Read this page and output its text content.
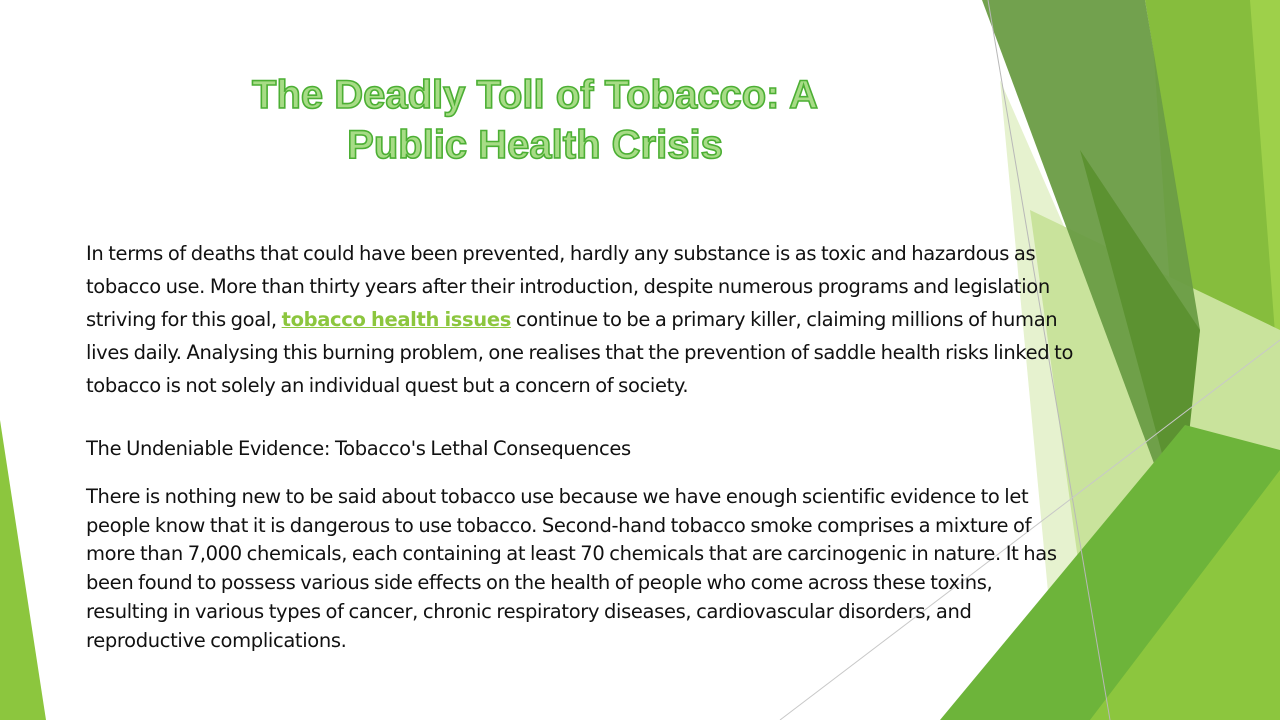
The Deadly Toll of Tobacco: A
Public Health Crisis
In terms of deaths that could have been prevented, hardly any substance is as toxic and hazardous as tobacco use. More than thirty years after their introduction, despite numerous programs and legislation striving for this goal, tobacco health issues continue to be a primary killer, claiming millions of human lives daily. Analysing this burning problem, one realises that the prevention of saddle health risks linked to tobacco is not solely an individual quest but a concern of society.
The Undeniable Evidence: Tobacco's Lethal Consequences
There is nothing new to be said about tobacco use because we have enough scientific evidence to let people know that it is dangerous to use tobacco. Second-hand tobacco smoke comprises a mixture of more than 7,000 chemicals, each containing at least 70 chemicals that are carcinogenic in nature. It has been found to possess various side effects on the health of people who come across these toxins, resulting in various types of cancer, chronic respiratory diseases, cardiovascular disorders, and reproductive complications.
